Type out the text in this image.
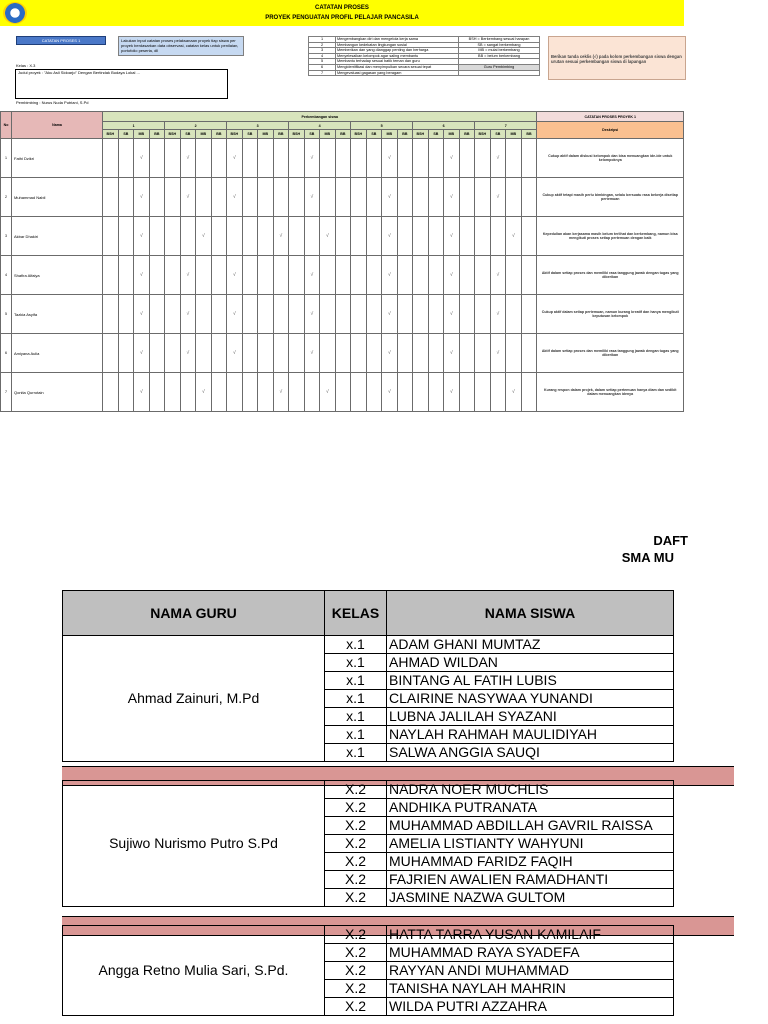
CATATAN PROSES
PROYEK PENGUATAN PROFIL PELAJAR PANCASILA
CATATAN PROSES 1	Lakukan input catatan proses pelaksanaan proyek tiap siswa per proyek berdasarkan data observasi, catatan kelas untuk penilaian, portofolio peserta, dll
Kelas : X.3
Judul proyek : "Aku Asli Sidoarjo" Dengan Bertindak Budaya Lokal ...
Pembimbing : Nurus Nuda Putriani, S.Pd
1	Mengembangkan diri dan mengelola kerja sama	BSH = Berkembang sesuai harapan
2	Membangun kedekatan lingkungan sosial	SB = sangat berkembang
3	Memberikan dan yang dianggap penting dan berharga	MB = mulai berkembang
4	Menyelesaikan kelompok agar saling membantu	BB = belum berkembang
5	Membantu terhadap sesuai batik teman dan guru	
6	Mengidentifikasi dan menyimpulkan secara sesuai tepat	Guru Pembimbing
7	Mengevaluasi gagasan yang beragam	
Berikan tanda ceklis (√) pada kolom perkembangan siswa dengan urutan sesuai perkembangan siswa di lapangan
No	Nama	Perkembangan siswa																												CATATAN PROSES PROYEK 1
		1				2				3				4				5				6				7				Deskripsi
		BSH	SB	MB	BB	BSH	SB	MB	BB	BSH	SB	MB	BB	BSH	SB	MB	BB	BSH	SB	MB	BB	BSH	SB	MB	BB	BSH	SB	MB	BB	
1	Fathi Dzikri			√			√			√					√					√				√			√			Cukup aktif dalam diskusi kelompok dan bisa menuangkan ide-ide untuk kelompoknya
2	Muhammad Nabil			√			√			√					√					√				√			√			Cukup aktif tetapi masih perlu bimbingan, selalu bersuatu rasa bekerja disetiap pertemuan
3	Akbar Dhakiri			√				√					√			√				√				√				√		Kepedulian akan kerjasama masih belum terlihat dan berkembang, namun bisa mengikuti proses setiap pertemuan dengan baik
4	Shafira Alfaiya			√			√			√					√					√				√			√			Aktif dalam setiap proses dan memiliki rasa tanggung jawab dengan tugas yang diberikan
5	Tazkia Asyifa			√			√			√					√					√				√			√			Cukup aktif dalam setiap pertemuan, namun kurang kreatif dan hanya mengikuti keputusan kelompok
6	Amiyana Aulia			√			√			√					√					√				√			√			Aktif dalam setiap proses dan memiliki rasa tanggung jawab dengan tugas yang diberikan
7	Qonita Qurrotain			√				√					√			√				√				√				√		Kurang respon dalam projek, dalam setiap pertemuan hanya diam dan sedikit dalam menuangkan idenya
DAFT
SMA MU
NAMA GURU	KELAS	NAMA SISWA
Ahmad Zainuri, M.Pd	x.1	ADAM GHANI MUMTAZ
	x.1	AHMAD WILDAN
	x.1	BINTANG AL FATIH LUBIS
	x.1	CLAIRINE NASYWAA YUNANDI
	x.1	LUBNA JALILAH SYAZANI
	x.1	NAYLAH RAHMAH MAULIDIYAH
	x.1	SALWA ANGGIA SAUQI

Sujiwo Nurismo Putro S.Pd	X.2	NADRA NOER MUCHLIS
	X.2	ANDHIKA PUTRANATA
	X.2	MUHAMMAD ABDILLAH GAVRIL RAISSA
	X.2	AMELIA LISTIANTY WAHYUNI
	X.2	MUHAMMAD FARIDZ FAQIH
	X.2	FAJRIEN AWALIEN RAMADHANTI
	X.2	JASMINE NAZWA GULTOM

Angga Retno Mulia Sari, S.Pd.	X.2	HATTA TARRA YUSAN KAMILAIF
	X.2	MUHAMMAD RAYA SYADEFA
	X.2	RAYYAN ANDI MUHAMMAD
	X.2	TANISHA NAYLAH MAHRIN
	X.2	WILDA PUTRI AZZAHRA
